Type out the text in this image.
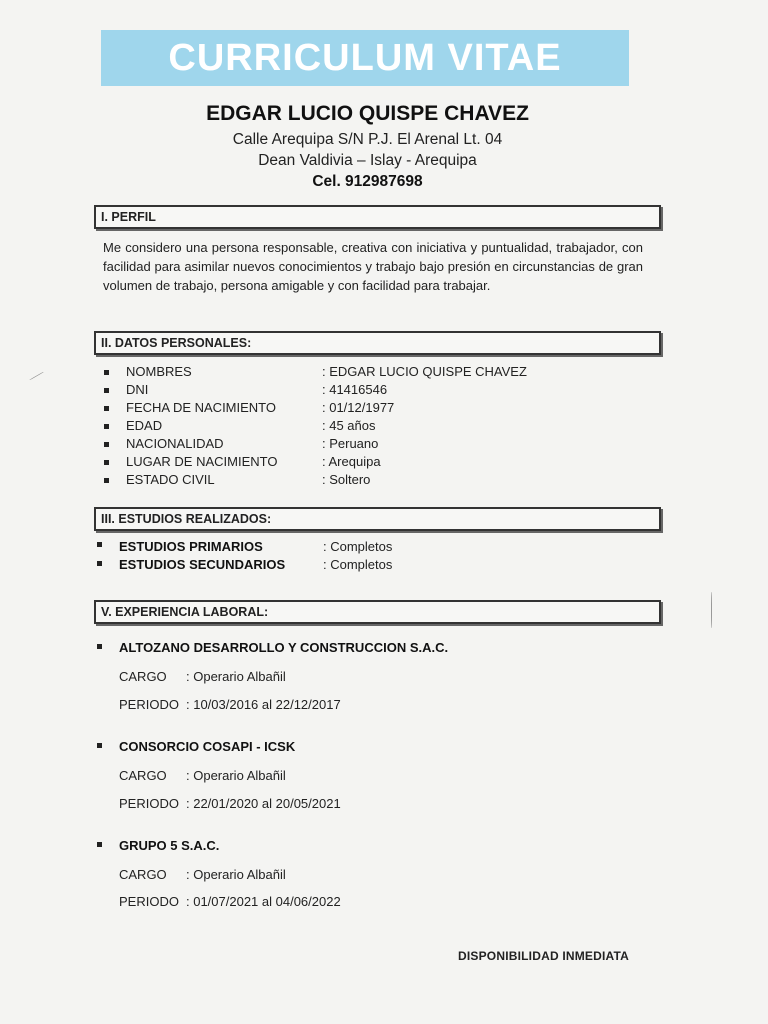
CURRICULUM VITAE
EDGAR LUCIO QUISPE CHAVEZ
Calle Arequipa S/N P.J. El Arenal Lt. 04
Dean Valdivia – Islay - Arequipa
Cel. 912987698
I. PERFIL
Me considero una persona responsable, creativa con iniciativa y puntualidad, trabajador, con facilidad para asimilar nuevos conocimientos y trabajo bajo presión en circunstancias de gran volumen de trabajo, persona amigable y con facilidad para trabajar.
II. DATOS PERSONALES:
NOMBRES	: EDGAR LUCIO QUISPE CHAVEZ
DNI	: 41416546
FECHA DE NACIMIENTO	: 01/12/1977
EDAD	: 45 años
NACIONALIDAD	: Peruano
LUGAR DE NACIMIENTO	: Arequipa
ESTADO CIVIL	: Soltero
III. ESTUDIOS REALIZADOS:
ESTUDIOS PRIMARIOS	: Completos
ESTUDIOS SECUNDARIOS	: Completos
V. EXPERIENCIA LABORAL:
ALTOZANO DESARROLLO Y CONSTRUCCION S.A.C.
CARGO : Operario Albañil
PERIODO : 10/03/2016 al 22/12/2017
CONSORCIO COSAPI - ICSK
CARGO : Operario Albañil
PERIODO : 22/01/2020 al 20/05/2021
GRUPO 5 S.A.C.
CARGO : Operario Albañil
PERIODO : 01/07/2021 al 04/06/2022
DISPONIBILIDAD INMEDIATA
